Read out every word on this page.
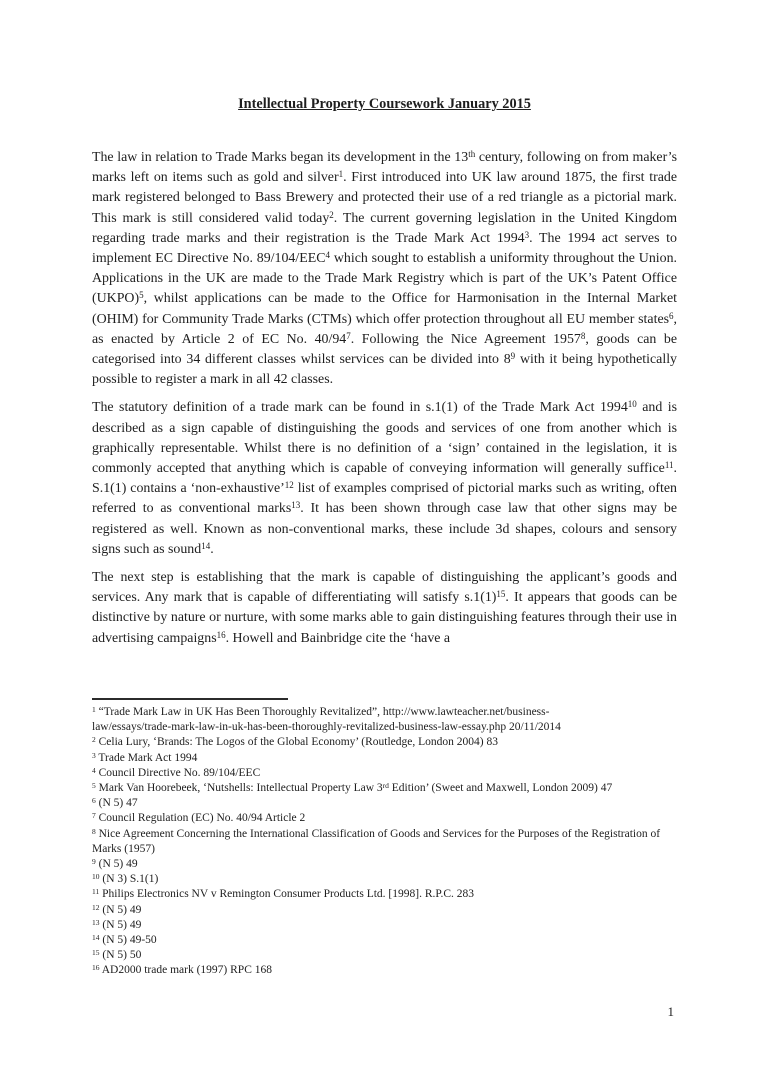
Intellectual Property Coursework January 2015

The law in relation to Trade Marks began its development in the 13th century, following on from maker’s marks left on items such as gold and silver$^1$. First introduced into UK law around 1875, the first trade mark registered belonged to Bass Brewery and protected their use of a red triangle as a pictorial mark. This mark is still considered valid today$^2$. The current governing legislation in the United Kingdom regarding trade marks and their registration is the Trade Mark Act 1994$^3$. The 1994 act serves to implement EC Directive No. 89/104/EEC$^4$ which sought to establish a uniformity throughout the Union. Applications in the UK are made to the Trade Mark Registry which is part of the UK’s Patent Office (UKPO)$^5$, whilst applications can be made to the Office for Harmonisation in the Internal Market (OHIM) for Community Trade Marks (CTMs) which offer protection throughout all EU member states$^6$, as enacted by Article 2 of EC No. $40/94^7$. Following the Nice Agreement 1957$^8$, goods can be categorised into 34 different classes whilst services can be divided into $8^9$ with it being hypothetically possible to register a mark in all 42 classes.

The statutory definition of a trade mark can be found in s.1(1) of the Trade Mark Act 1994$^{10}$ and is described as a sign capable of distinguishing the goods and services of one from another which is graphically representable. Whilst there is no definition of a ‘sign’ contained in the legislation, it is commonly accepted that anything which is capable of conveying information will generally suffice$^{11}$. S.1(1) contains a ‘non-exhaustive’$^{12}$ list of examples comprised of pictorial marks such as writing, often referred to as conventional marks$^{13}$. It has been shown through case law that other signs may be registered as well. Known as non-conventional marks, these include 3d shapes, colours and sensory signs such as sound$^{14}$.

The next step is establishing that the mark is capable of distinguishing the applicant’s goods and services. Any mark that is capable of differentiating will satisfy $s.1(1)^{15}$. It appears that goods can be distinctive by nature or nurture, with some marks able to gain distinguishing features through their use in advertising campaigns$^{16}$. Howell and Bainbridge cite the ‘have a

$^1$ “Trade Mark Law in UK Has Been Thoroughly Revitalized”, http://www.lawteacher.net/business-
law/essays/trade-mark-law-in-uk-has-been-thoroughly-revitalized-business-law-essay.php 20/11/2014
$^2$ Celia Lury, ‘Brands: The Logos of the Global Economy’ (Routledge, London 2004) 83
$^3$ Trade Mark Act 1994
$^4$ Council Directive No. 89/104/EEC
$^5$ Mark Van Hoorebeek, ‘Nutshells: Intellectual Property Law 3rd Edition’ (Sweet and Maxwell, London 2009) 47
$^6$ (N 5) 47
$^7$ Council Regulation (EC) No. 40/94 Article 2
$^8$ Nice Agreement Concerning the International Classification of Goods and Services for the Purposes of the Registration of Marks (1957)
$^9$ (N 5) 49
$^{10}$ (N 3) S.1(1)
$^{11}$ Philips Electronics NV v Remington Consumer Products Ltd. [1998]. R.P.C. 283
$^{12}$ (N 5) 49
$^{13}$ (N 5) 49
$^{14}$ (N 5) 49-50
$^{15}$ (N 5) 50
$^{16}$ AD2000 trade mark (1997) RPC 168
1
